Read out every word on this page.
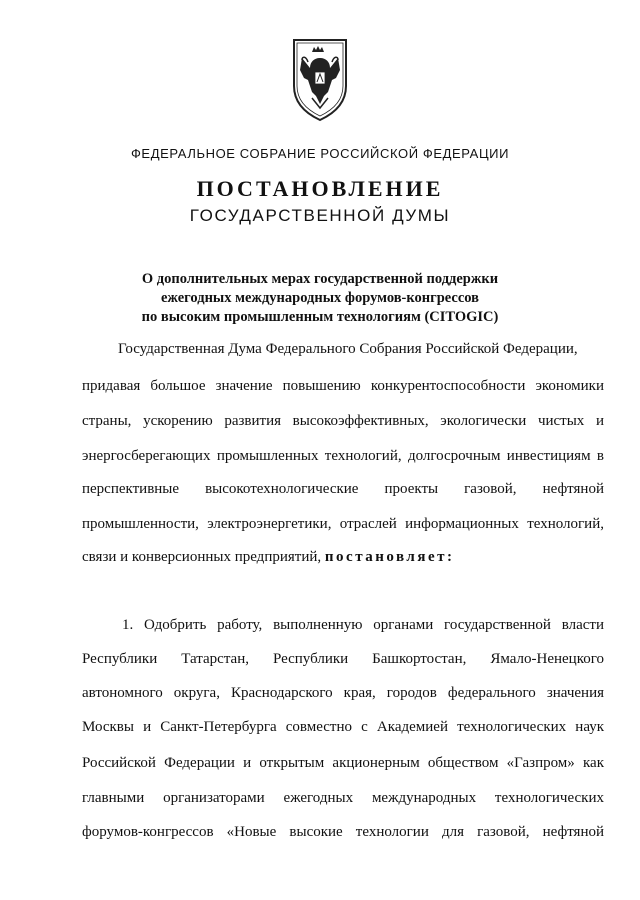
ФЕДЕРАЛЬНОЕ СОБРАНИЕ РОССИЙСКОЙ ФЕДЕРАЦИИ
ПОСТАНОВЛЕНИЕ
ГОСУДАРСТВЕННОЙ ДУМЫ
О дополнительных мерах государственной поддержки
ежегодных международных форумов-конгрессов
по высоким промышленным технологиям (CITOGIC)
Государственная Дума Федерального Собрания Российской Федерации,
придавая большое значение повышению конкурентоспособности экономики
страны, ускорению развития высокоэффективных, экологически чистых и
энергосберегающих промышленных технологий, долгосрочным инвестициям в
перспективные высокотехнологические проекты газовой, нефтяной
промышленности, электроэнергетики, отраслей информационных технологий,
связи и конверсионных предприятий, постановляет:
1. Одобрить работу, выполненную органами государственной власти
Республики Татарстан, Республики Башкортостан, Ямало-Ненецкого
автономного округа, Краснодарского края, городов федерального значения
Москвы и Санкт-Петербурга совместно с Академией технологических наук
Российской Федерации и открытым акционерным обществом «Газпром» как
главными организаторами ежегодных международных технологических
форумов-конгрессов «Новые высокие технологии для газовой, нефтяной
